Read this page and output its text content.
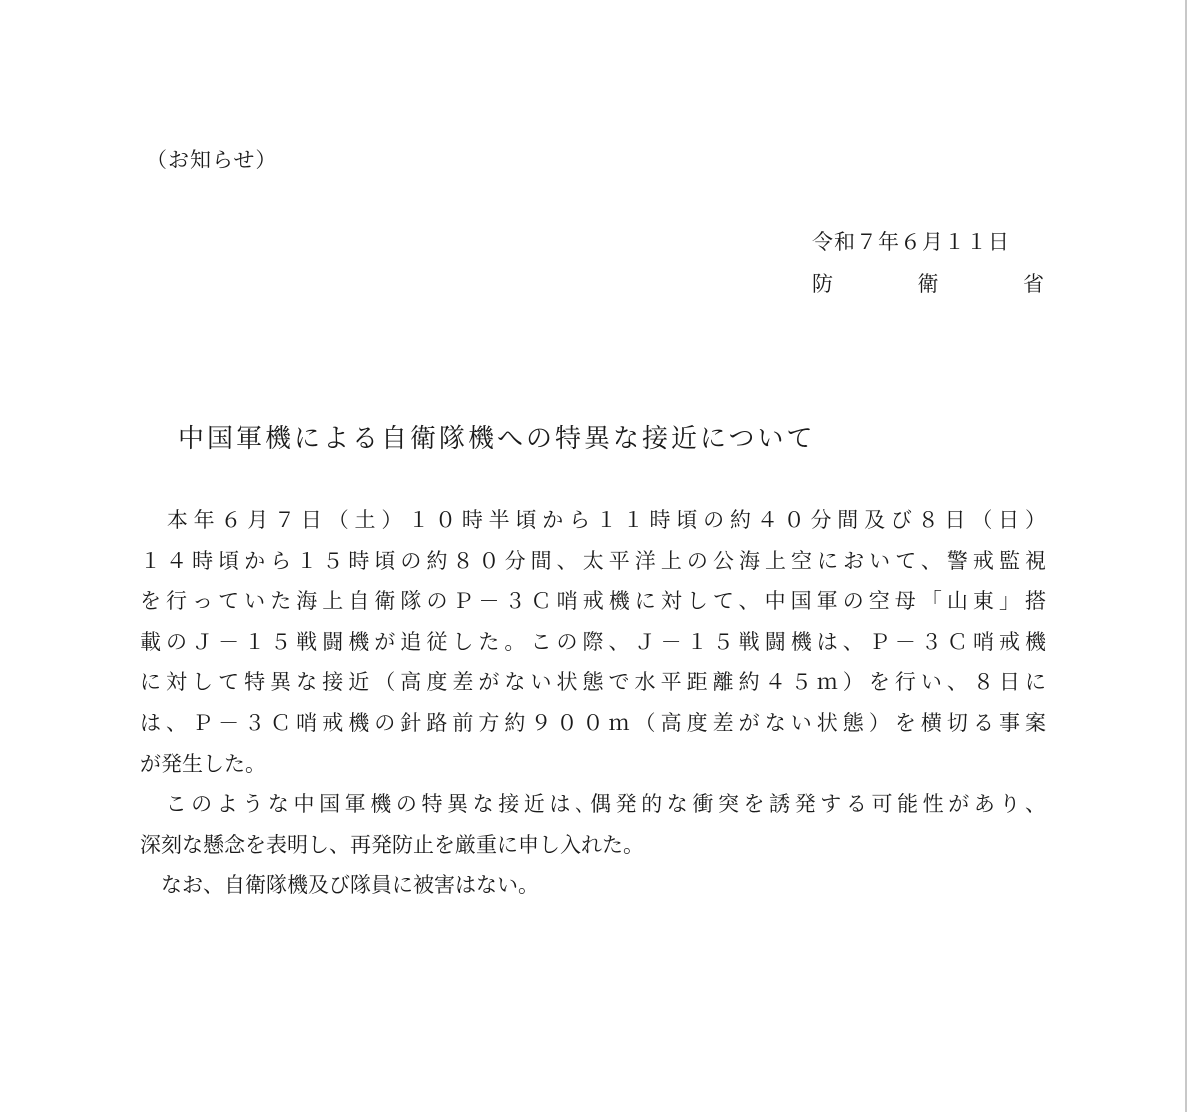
（お知らせ）
令和７年６月１１日
防	衛	省
中国軍機による自衛隊機への特異な接近について
　本年６月７日（土）１０時半頃から１１時頃の約４０分間及び８日（日）
１４時頃から１５時頃の約８０分間、太平洋上の公海上空において、警戒監視
を行っていた海上自衛隊のＰ－３Ｃ哨戒機に対して、中国軍の空母「山東」搭
載のＪ－１５戦闘機が追従した。この際、Ｊ－１５戦闘機は、Ｐ－３Ｃ哨戒機
に対して特異な接近（高度差がない状態で水平距離約４５ｍ）を行い、８日に
は、Ｐ－３Ｃ哨戒機の針路前方約９００ｍ（高度差がない状態）を横切る事案
が発生した。
　このような中国軍機の特異な接近は､偶発的な衝突を誘発する可能性があり、
深刻な懸念を表明し、再発防止を厳重に申し入れた。
　なお、自衛隊機及び隊員に被害はない。
